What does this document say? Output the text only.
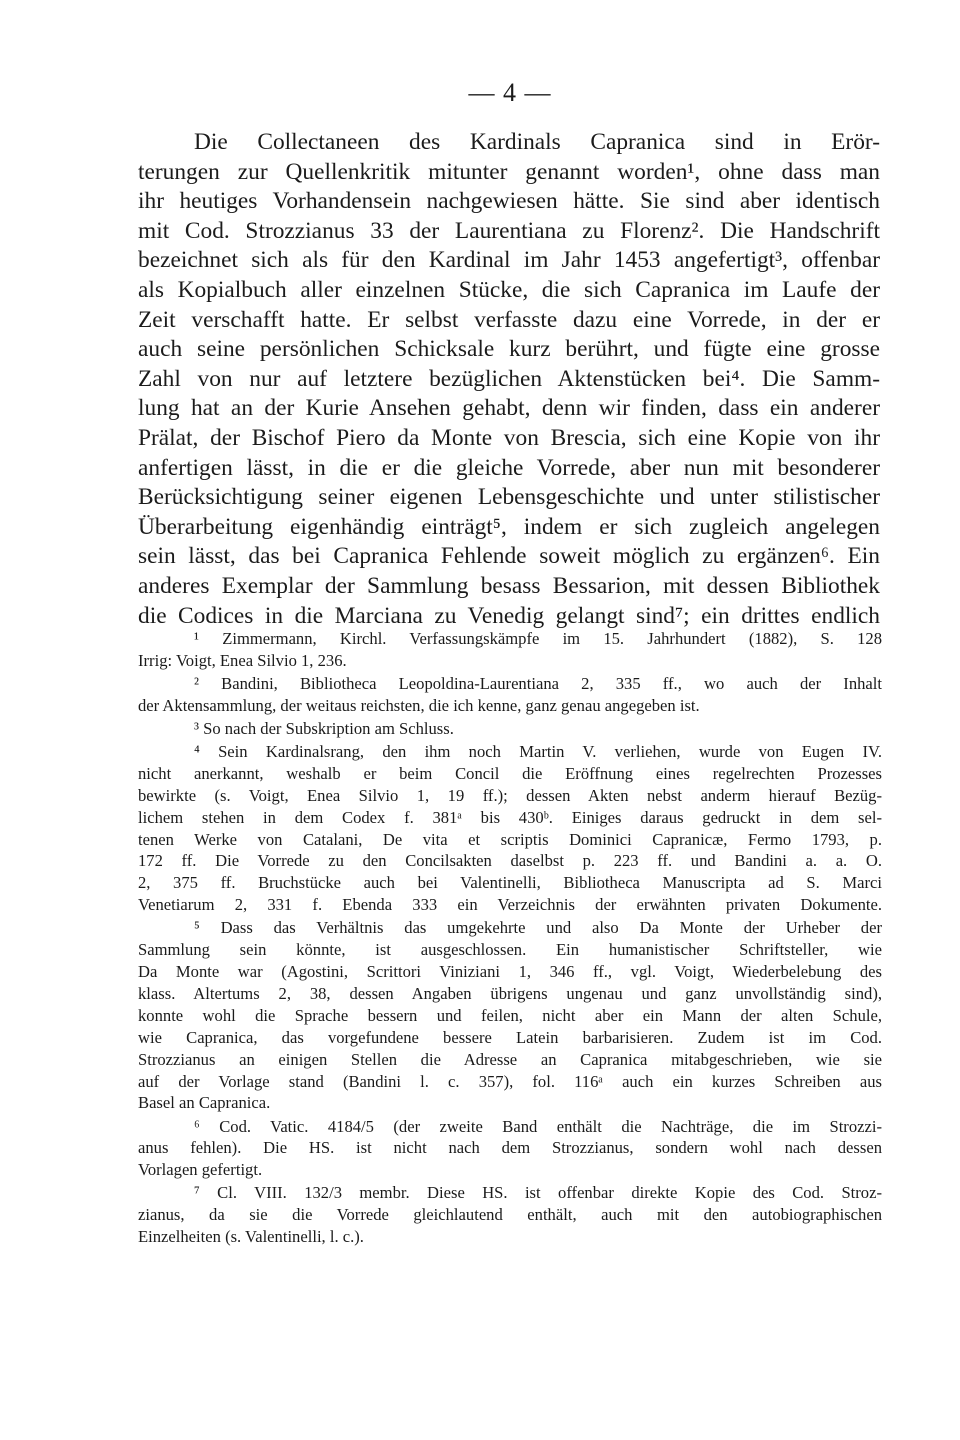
— 4 —
Die Collectaneen des Kardinals Capranica sind in Erör-
terungen zur Quellenkritik mitunter genannt worden¹, ohne dass man
ihr heutiges Vorhandensein nachgewiesen hätte. Sie sind aber identisch
mit Cod. Strozzianus 33 der Laurentiana zu Florenz². Die Handschrift
bezeichnet sich als für den Kardinal im Jahr 1453 angefertigt³, offenbar
als Kopialbuch aller einzelnen Stücke, die sich Capranica im Laufe der
Zeit verschafft hatte. Er selbst verfasste dazu eine Vorrede, in der er
auch seine persönlichen Schicksale kurz berührt, und fügte eine grosse
Zahl von nur auf letztere bezüglichen Aktenstücken bei⁴. Die Samm-
lung hat an der Kurie Ansehen gehabt, denn wir finden, dass ein anderer
Prälat, der Bischof Piero da Monte von Brescia, sich eine Kopie von ihr
anfertigen lässt, in die er die gleiche Vorrede, aber nun mit besonderer
Berücksichtigung seiner eigenen Lebensgeschichte und unter stilistischer
Überarbeitung eigenhändig einträgt⁵, indem er sich zugleich angelegen
sein lässt, das bei Capranica Fehlende soweit möglich zu ergänzen⁶. Ein
anderes Exemplar der Sammlung besass Bessarion, mit dessen Bibliothek
die Codices in die Marciana zu Venedig gelangt sind⁷; ein drittes endlich
¹ Zimmermann, Kirchl. Verfassungskämpfe im 15. Jahrhundert (1882), S. 128
Irrig: Voigt, Enea Silvio 1, 236.
² Bandini, Bibliotheca Leopoldina-Laurentiana 2, 335 ff., wo auch der Inhalt
der Aktensammlung, der weitaus reichsten, die ich kenne, ganz genau angegeben ist.
³ So nach der Subskription am Schluss.
⁴ Sein Kardinalsrang, den ihm noch Martin V. verliehen, wurde von Eugen IV.
nicht anerkannt, weshalb er beim Concil die Eröffnung eines regelrechten Prozesses
bewirkte (s. Voigt, Enea Silvio 1, 19 ff.); dessen Akten nebst anderm hierauf Bezüg-
lichem stehen in dem Codex f. 381ᵃ bis 430ᵇ. Einiges daraus gedruckt in dem sel-
tenen Werke von Catalani, De vita et scriptis Dominici Capranicæ, Fermo 1793, p.
172 ff. Die Vorrede zu den Concilsakten daselbst p. 223 ff. und Bandini a. a. O.
2, 375 ff. Bruchstücke auch bei Valentinelli, Bibliotheca Manuscripta ad S. Marci
Venetiarum 2, 331 f. Ebenda 333 ein Verzeichnis der erwähnten privaten Dokumente.
⁵ Dass das Verhältnis das umgekehrte und also Da Monte der Urheber der
Sammlung sein könnte, ist ausgeschlossen. Ein humanistischer Schriftsteller, wie
Da Monte war (Agostini, Scrittori Viniziani 1, 346 ff., vgl. Voigt, Wiederbelebung des
klass. Altertums 2, 38, dessen Angaben übrigens ungenau und ganz unvollständig sind),
konnte wohl die Sprache bessern und feilen, nicht aber ein Mann der alten Schule,
wie Capranica, das vorgefundene bessere Latein barbarisieren. Zudem ist im Cod.
Strozzianus an einigen Stellen die Adresse an Capranica mitabgeschrieben, wie sie
auf der Vorlage stand (Bandini l. c. 357), fol. 116ᵃ auch ein kurzes Schreiben aus
Basel an Capranica.
⁶ Cod. Vatic. 4184/5 (der zweite Band enthält die Nachträge, die im Strozzi-
anus fehlen). Die HS. ist nicht nach dem Strozzianus, sondern wohl nach dessen
Vorlagen gefertigt.
⁷ Cl. VIII. 132/3 membr. Diese HS. ist offenbar direkte Kopie des Cod. Stroz-
zianus, da sie die Vorrede gleichlautend enthält, auch mit den autobiographischen
Einzelheiten (s. Valentinelli, l. c.).
